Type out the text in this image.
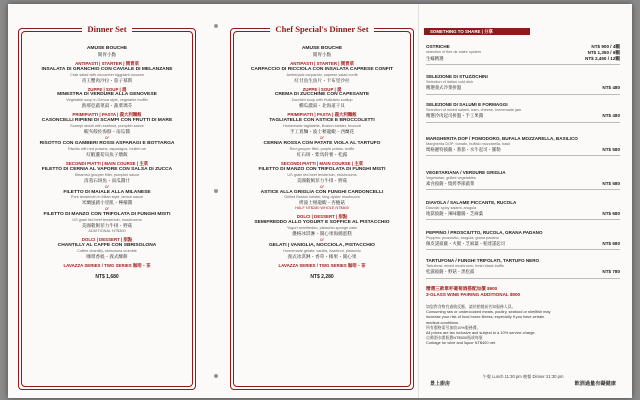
Dinner Set
AMUSE BOUCHE
開胃小點
ANTIPASTI | STARTER | 開胃菜
INSALATA DI GRANCHIO CON CAVIALE DI MELANZANE
Crab salad with cucumber eggplant mousse
帝王蟹肉沙拉・茄子慕斯
ZUPPE | SOUP | 湯
MINESTRA DI VERDURE ALLA GENOVESE
Vegetable soup in Genoa style, vegetable muffin
熱那亞蔬菜湯・蔬菜瑪芬
PRIMIPIATTI | PASTA | 義大利麵飯
CASONCELLI RIPIENI DI SCAMPI CON FRUTTI DI MARE
Scampi ravioli with seafood, pumpkin sauce
蝦夾餃佐海鮮・南瓜醬
or
RISOTTO CON GAMBERI ROSSI ASPARAGI E BOTTARGA
Risotto with red prawns, asparagus, mullet roe
紅蝦蘆筍烏魚子燉飯
SECONDI PIATTI | MAIN COURSE | 主菜
FILETTO DI CERNIA AL VAPORE CON SALSA DI ZUCCA
Steamed grouper fillet, pumpkin sauce
清蒸石斑魚・南瓜醬汁
or
FILETTO DI MAIALE ALLA MILANESE
Pork tenderloin in Milan style, lemon sauce
米蘭風豬小里肌・檸檬醬
or
FILETTO DI MANZO CON TRIFOLATA DI FUNGHI MISTI
US grain fed beef tenderloin, mushrooms
美國穀飼菲力牛排・野菇
ADDITIONAL NT$300
DOLCI | DESSERT | 甜點
CHANTILLY AL CAFFÈ CON SBRISOLONA
Coffee chantilly, sbrisolona crumble
咖啡香緹・義式酥餅
LAVAZZA SERIES / TWG SERIES 咖啡・茶
NT$ 1,680
Chef Special's Dinner Set
AMUSE BOUCHE
開胃小點
ANTIPASTI | STARTER | 開胃菜
CARPACCIO DI RICCIOLA CON INSALATA CAPRESE CONFIT
Amberjack carpaccio, caprese salad confit
紅甘魚生魚片・卡布里沙拉
ZUPPE | SOUP | 湯
CREMA DI ZUCCHINE CON CAPESANTE
Zucchini soup with Hokkaido scallop
櫛瓜濃湯・北海道干貝
PRIMIPIATTI | PASTA | 義大利麵飯
TAGLIATELLE CON ASTICE E BROCCOLETTI
Homemade tagliatelle, Boston lobster, broccoli
手工寬麵・波士頓龍蝦・西蘭花
or
CERNIA ROSSA CON PATATE VIOLA AL TARTUFO
Red grouper fillet, purple potato, truffle
紅石斑・紫馬鈴薯・松露
SECONDI PIATTI | MAIN COURSE | 主菜
FILETTO DI MANZO CON TRIFOLATA DI FUNGHI MISTI
US grain fed beef tenderloin, mushrooms
美國穀飼菲力牛排・野菇
or
ASTICE ALLA GRIGLIA CON FUNGHI CARDONCELLI
Grilled Boston lobster, king oyster mushroom
烤波士頓龍蝦・杏鮑菇
HALF NT$280 WHOLE NT$600
DOLCI | DESSERT | 甜點
SEMIFREDDO ALLO YOGURT E SOFFICE AL PISTACCHIO
Yogurt semifreddo, pistachio sponge cake
優格冰淇淋・開心果海綿蛋糕
or
GELATI | VANIGLIA, NOCCIOLA, PISTACCHIO
Homemade gelato: vanilla, hazelnut, pistachio
義式冰淇淋・香草・榛果・開心果
LAVAZZA SERIES / TWG SERIES 咖啡・茶
NT$ 2,280
SOMETHING TO SHARE | 分享
OSTRICHE	NT$ 900 / 4顆
selection of fine de claire oysters	NT$ 1,350 / 6顆
生蠔精選	NT$ 2,450 / 12顆
SELEZIONE DI STUZZICHINI
Selection of Italian cold dish
精選義式冷菜拼盤	NT$ 480
SELEZIONE DI SALUMI E FORMAGGI
Selection of mixed salami, ham, cheese, homemade jam
精選冷肉起司拼盤・手工果醬	NT$ 480
MARGHERITA DOP / POMODORO, BUFALA MOZZARELLA, BASILICO
Margherita DOP: tomato, buffalo mozzarella, basil
瑪格麗特披薩・番茄・水牛起司・羅勒	NT$ 580
VEGETARIANA / VERDURE GRIGLIA
Vegetarian, grilled vegetables
素食披薩・燒烤季節蔬菜	NT$ 580
DIAVOLA / SALAME PICCANTE, RUCOLA
Diavola: spicy salami, arugula
地獄披薩・辣味臘腸・芝麻葉	NT$ 680
PEPPINO / PROSCIUTTO, RUCOLA, GRANA PADANO
Peppino: prosciutto, arugula, grana padano
佩皮諾披薩・火腿・芝麻葉・帕達諾起司	NT$ 680
TARTUFONA / FUNGHI TRIFOLATI, TARTUFO NERO
Tartufona: mixed mushroom, fresh black truffle
松露披薩・野菇・黑松露	NT$ 780
精選三款單杯葡萄酒搭配加價 $900
3-GLASS WINE PAIRING ADDITIONAL $900
如您對食物有過敏反應，請於點餐前告知服務人員。
Consuming raw or undercooked meats, poultry, seafood or shellfish may
increase your risk of food borne illness, especially if you have certain
medical conditions.
所有價格需另加收10%服務費。
All prices are tax inclusive and subject to a 10% service charge.
自備酒水開瓶費NT$500瓶或每瓶
Corkage for wine and liquor NT$400 net.
午餐 Lunch 11:30 pm 晚餐 Dinner 21:30 pm
景上廚房	飲酒過量有礙健康
